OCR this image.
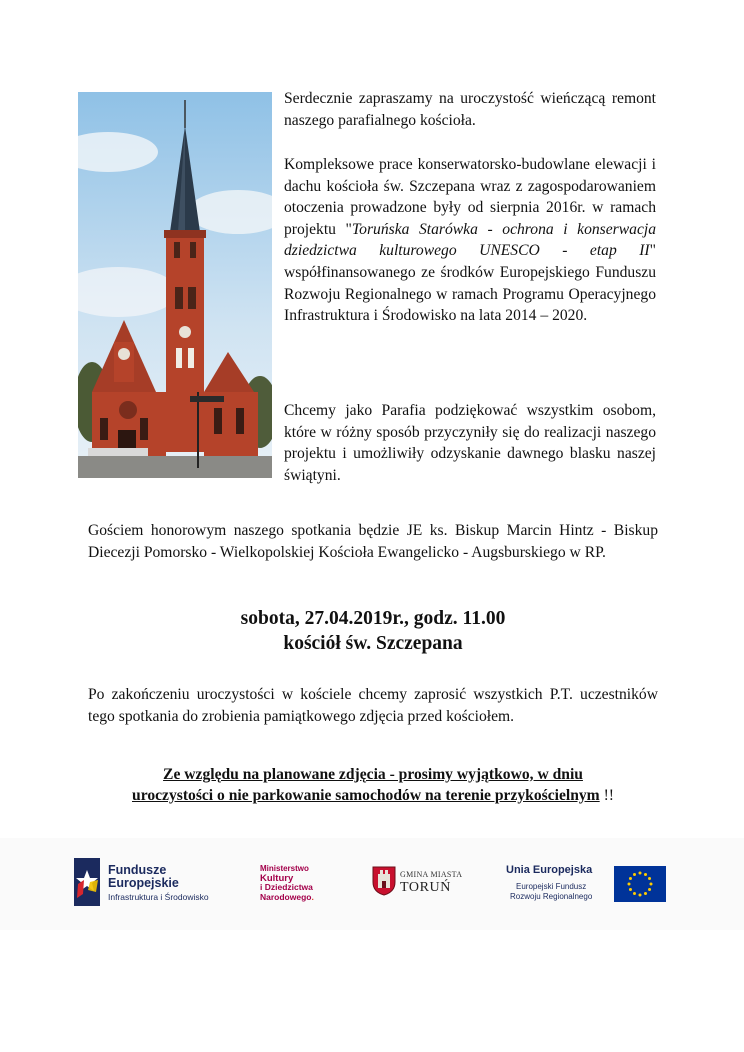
Serdecznie zapraszamy na uroczystość wieńczącą remont naszego parafialnego kościoła.

Kompleksowe prace konserwatorsko-budowlane elewacji i dachu kościoła św. Szczepana wraz z zagospodarowaniem otoczenia prowadzone były od sierpnia 2016r. w ramach projektu "Toruńska Starówka - ochrona i konserwacja dziedzictwa kulturowego UNESCO - etap II" współfinansowanego ze środków Europejskiego Funduszu Rozwoju Regionalnego w ramach Programu Operacyjnego Infrastruktura i Środowisko na lata 2014 – 2020.

Chcemy jako Parafia podziękować wszystkim osobom, które w różny sposób przyczyniły się do realizacji naszego projektu i umożliwiły odzyskanie dawnego blasku naszej świątyni.

Gościem honorowym naszego spotkania będzie JE ks. Biskup Marcin Hintz - Biskup Diecezji Pomorsko - Wielkopolskiej Kościoła Ewangelicko - Augsburskiego w RP.

sobota, 27.04.2019r., godz. 11.00
kościół św. Szczepana

Po zakończeniu uroczystości w kościele chcemy zaprosić wszystkich P.T. uczestników tego spotkania do zrobienia pamiątkowego zdjęcia przed kościołem.

Ze względu na planowane zdjęcia - prosimy wyjątkowo, w dniu
uroczystości o nie parkowanie samochodów na terenie przykościelnym !!
Fundusze
Europejskie
Infrastruktura i Środowisko
Ministerstwo
Kultury
i Dziedzictwa
Narodowego.
GMINA MIASTA
TORUŃ
Unia Europejska
Europejski Fundusz
Rozwoju Regionalnego
